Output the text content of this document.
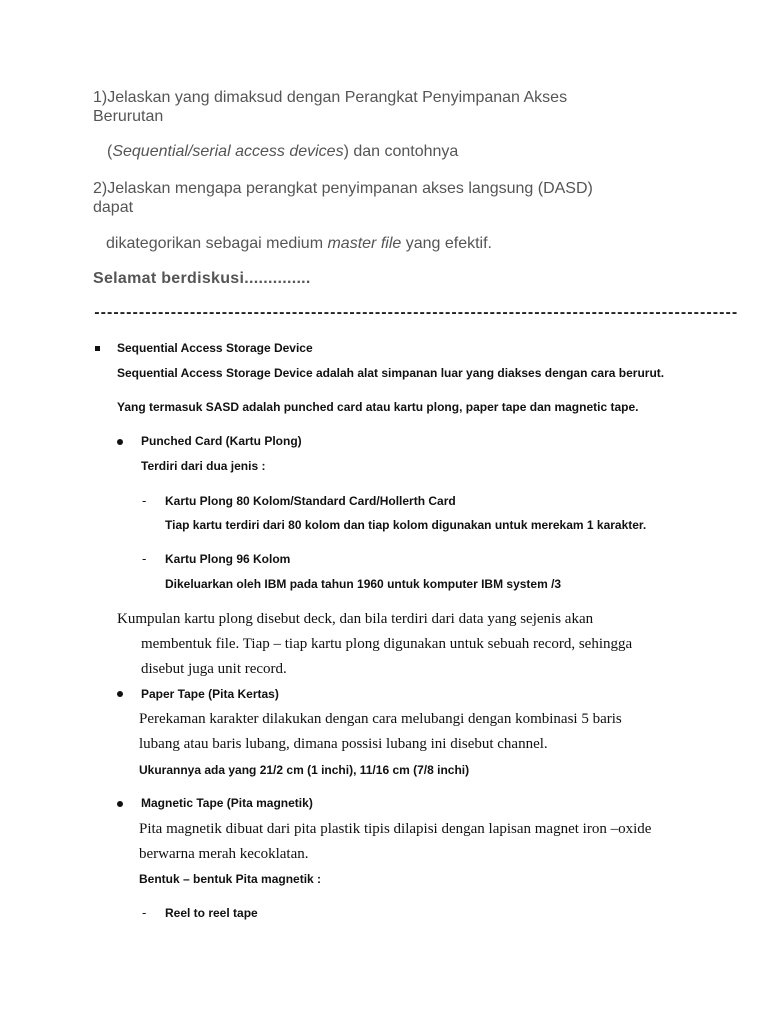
1)Jelaskan yang dimaksud dengan Perangkat Penyimpanan Akses
Berurutan
(Sequential/serial access devices) dan contohnya
2)Jelaskan mengapa perangkat penyimpanan akses langsung (DASD)
dapat
dikategorikan sebagai medium master file yang efektif.
Selamat berdiskusi..............
-----------------------------------------------------------------------------------------------------
Sequential Access Storage Device
Sequential Access Storage Device adalah alat simpanan luar yang diakses dengan cara berurut.
Yang termasuk SASD adalah punched card atau kartu plong, paper tape dan magnetic tape.
Punched Card (Kartu Plong)
Terdiri dari dua jenis :
- Kartu Plong 80 Kolom/Standard Card/Hollerth Card
Tiap kartu terdiri dari 80 kolom dan tiap kolom digunakan untuk merekam 1 karakter.
- Kartu Plong 96 Kolom
Dikeluarkan oleh IBM pada tahun 1960 untuk komputer IBM system /3
Kumpulan kartu plong disebut deck, dan bila terdiri dari data yang sejenis akan
membentuk file. Tiap – tiap kartu plong digunakan untuk sebuah record, sehingga
disebut juga unit record.
Paper Tape (Pita Kertas)
Perekaman karakter dilakukan dengan cara melubangi dengan kombinasi 5 baris
lubang atau baris lubang, dimana possisi lubang ini disebut channel.
Ukurannya ada yang 21/2 cm (1 inchi), 11/16 cm (7/8 inchi)
Magnetic Tape (Pita magnetik)
Pita magnetik dibuat dari pita plastik tipis dilapisi dengan lapisan magnet iron –oxide
berwarna merah kecoklatan.
Bentuk – bentuk Pita magnetik :
- Reel to reel tape
